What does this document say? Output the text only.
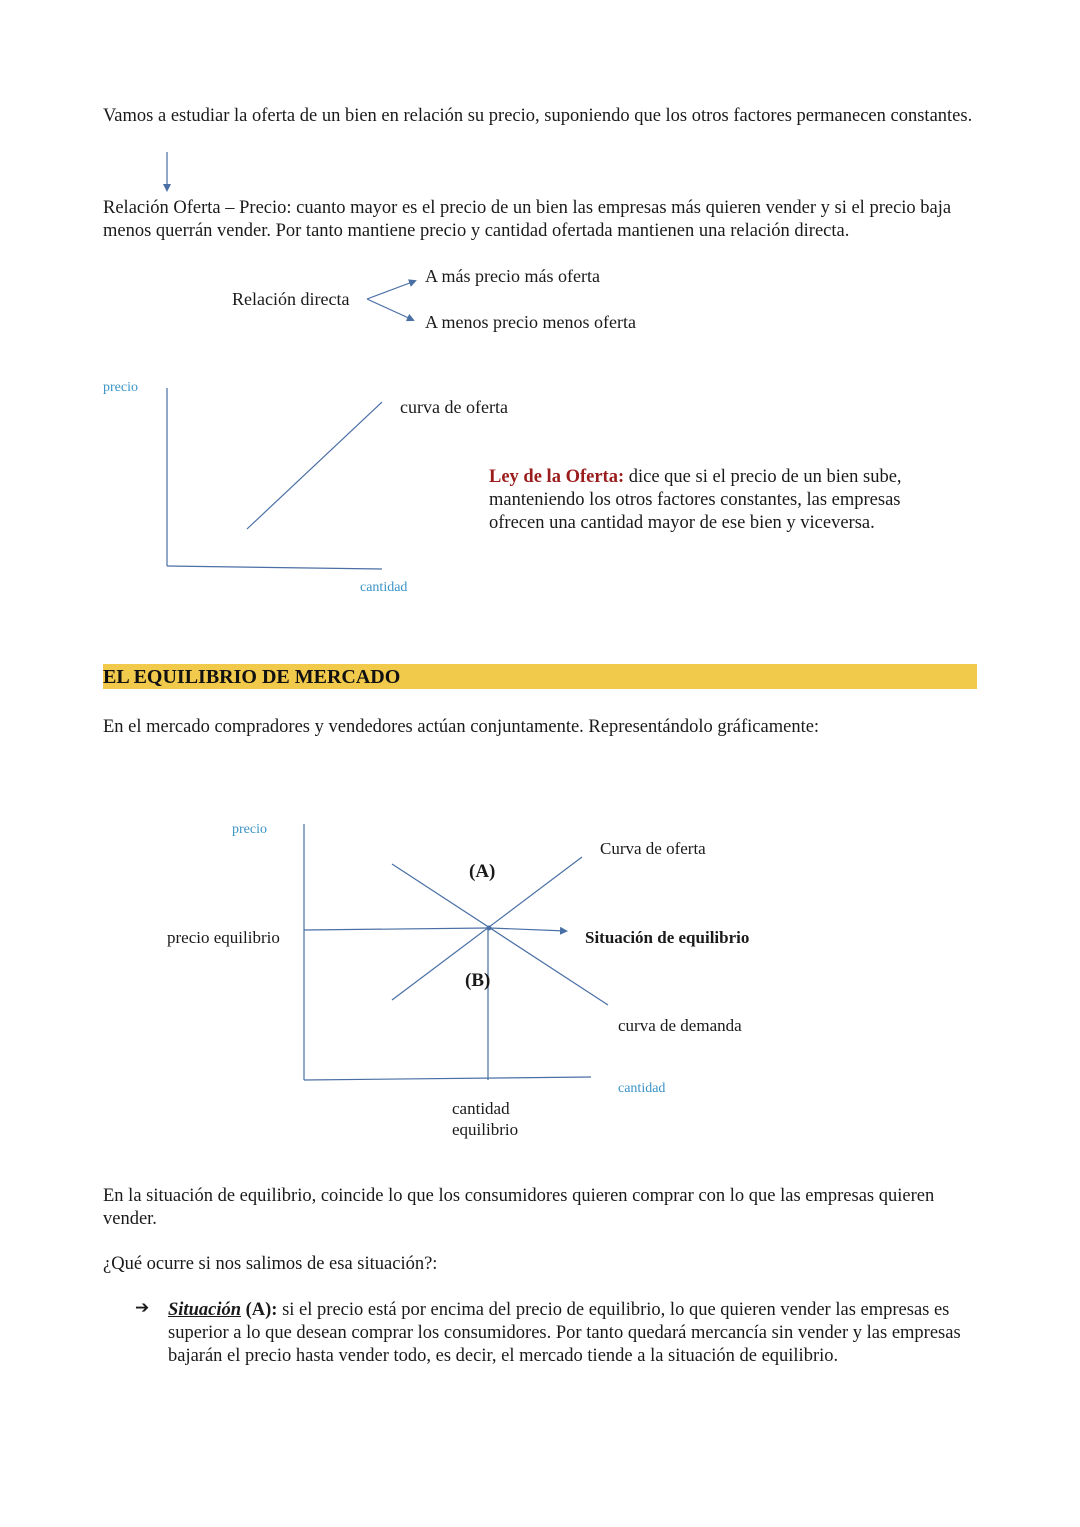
Vamos a estudiar la oferta de un bien en relación su precio, suponiendo que los otros factores permanecen constantes.

Relación Oferta – Precio: cuanto mayor es el precio de un bien las empresas más quieren vender y si el precio baja menos querrán vender. Por tanto mantiene precio y cantidad ofertada mantienen una relación directa.

Relación directa
A más precio más oferta
A menos precio menos oferta
precio
cantidad
curva de oferta

Ley de la Oferta: dice que si el precio de un bien sube, manteniendo los otros factores constantes, las empresas ofrecen una cantidad mayor de ese bien y viceversa.

EL EQUILIBRIO DE MERCADO

En el mercado compradores y vendedores actúan conjuntamente. Representándolo gráficamente:

precio
cantidad
Curva de oferta
curva de demanda
(A)
(B)
precio equilibrio
cantidad
equilibrio
Situación de equilibrio

En la situación de equilibrio, coincide lo que los consumidores quieren comprar con lo que las empresas quieren vender.

¿Qué ocurre si nos salimos de esa situación?:

➔ Situación (A): si el precio está por encima del precio de equilibrio, lo que quieren vender las empresas es superior a lo que desean comprar los consumidores. Por tanto quedará mercancía sin vender y las empresas bajarán el precio hasta vender todo, es decir, el mercado tiende a la situación de equilibrio.
